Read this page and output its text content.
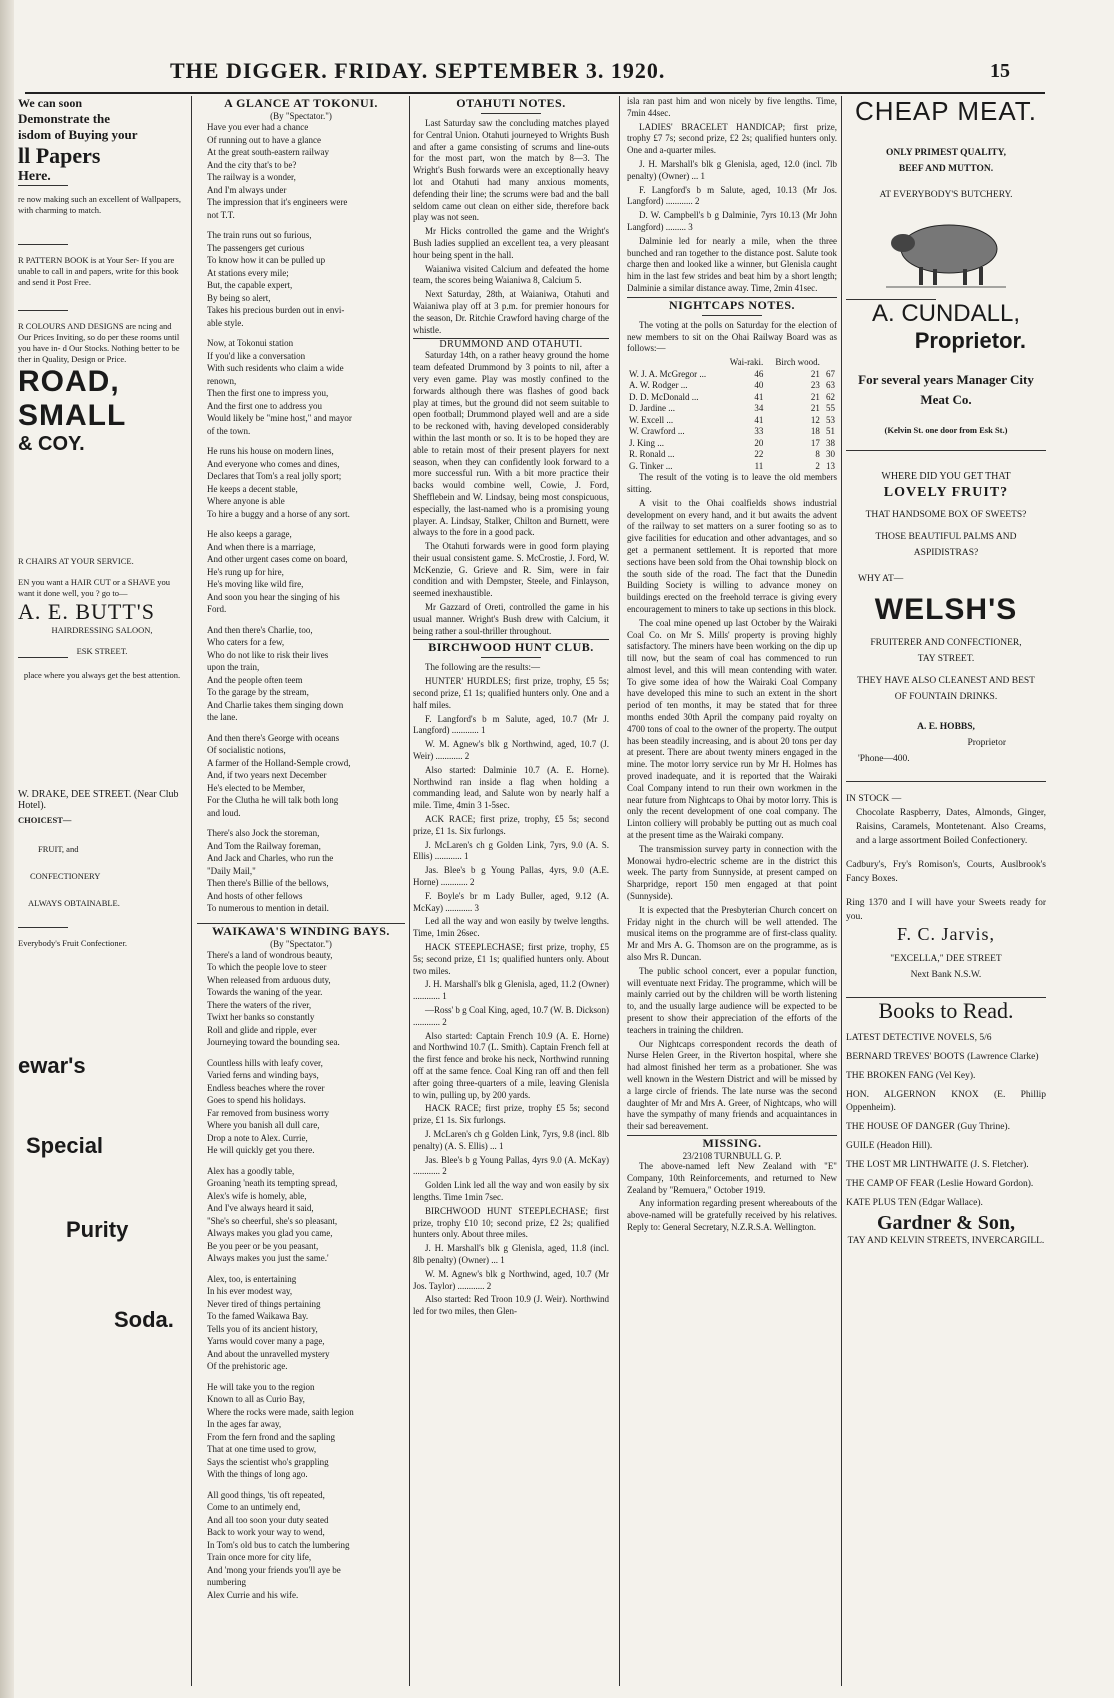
THE DIGGER. FRIDAY. SEPTEMBER 3. 1920.	15
We can soon
Demonstrate the
isdom of Buying your
ll Papers
Here.
re now making such an excellent of Wallpapers, with charming to match.
R PATTERN BOOK is at Your Ser- If you are unable to call in and papers, write for this book and send it Post Free.
R COLOURS AND DESIGNS are ncing and Our Prices Inviting, so do per these rooms until you have in- d Our Stocks. Nothing better to be ther in Quality, Design or Price.
ROAD, SMALL
& COY.
R CHAIRS AT YOUR SERVICE.
EN you want a HAIR CUT or a SHAVE you want it done well, you ? go to—
A. E. BUTT'S
HAIRDRESSING SALOON,
ESK STREET.
place where you always get the best attention.
W. DRAKE, DEE STREET. (Near Club Hotel).
CHOICEST—
FRUIT, and
CONFECTIONERY
ALWAYS OBTAINABLE.
Everybody's Fruit Confectioner.
ewar's
Special
Purity
Soda.
A GLANCE AT TOKONUI.
(By "Spectator.")
Have you ever had a chance
Of running out to have a glance
At the great south-eastern railway
And the city that's to be?
The railway is a wonder,
And I'm always under
The impression that it's engineers were
not T.T.
The train runs out so furious,
The passengers get curious
To know how it can be pulled up
At stations every mile;
But, the capable expert,
By being so alert,
Takes his precious burden out in envi-
able style.
Now, at Tokonui station
If you'd like a conversation
With such residents who claim a wide
renown,
Then the first one to impress you,
And the first one to address you
Would likely be "mine host," and mayor
of the town.
He runs his house on modern lines,
And everyone who comes and dines,
Declares that Tom's a real jolly sport;
He keeps a decent stable,
Where anyone is able
To hire a buggy and a horse of any sort.
He also keeps a garage,
And when there is a marriage,
And other urgent cases come on board,
He's rung up for hire,
He's moving like wild fire,
And soon you hear the singing of his
Ford.
And then there's Charlie, too,
Who caters for a few,
Who do not like to risk their lives
upon the train,
And the people often teem
To the garage by the stream,
And Charlie takes them singing down
the lane.
And then there's George with oceans
Of socialistic notions,
A farmer of the Holland-Semple crowd,
And, if two years next December
He's elected to be Member,
For the Clutha he will talk both long
and loud.
There's also Jock the storeman,
And Tom the Railway foreman,
And Jack and Charles, who run the
"Daily Mail,"
Then there's Billie of the bellows,
And hosts of other fellows
To numerous to mention in detail.
WAIKAWA'S WINDING BAYS.
(By "Spectator.")
There's a land of wondrous beauty,
To which the people love to steer
When released from arduous duty,
Towards the waning of the year.
There the waters of the river,
Twixt her banks so constantly
Roll and glide and ripple, ever
Journeying toward the bounding sea.
Countless hills with leafy cover,
Varied ferns and winding bays,
Endless beaches where the rover
Goes to spend his holidays.
Far removed from business worry
Where you banish all dull care,
Drop a note to Alex. Currie,
He will quickly get you there.
Alex has a goodly table,
Groaning 'neath its tempting spread,
Alex's wife is homely, able,
And I've always heard it said,
"She's so cheerful, she's so pleasant,
Always makes you glad you came,
Be you peer or be you peasant,
Always makes you just the same.'
Alex, too, is entertaining
In his ever modest way,
Never tired of things pertaining
To the famed Waikawa Bay.
Tells you of its ancient history,
Yarns would cover many a page,
And about the unravelled mystery
Of the prehistoric age.
He will take you to the region
Known to all as Curio Bay,
Where the rocks were made, saith legion
In the ages far away,
From the fern frond and the sapling
That at one time used to grow,
Says the scientist who's grappling
With the things of long ago.
All good things, 'tis oft repeated,
Come to an untimely end,
And all too soon your duty seated
Back to work your way to wend,
In Tom's old bus to catch the lumbering
Train once more for city life,
And 'mong your friends you'll aye be
numbering
Alex Currie and his wife.
OTAHUTI NOTES.

Last Saturday saw the concluding matches played for Central Union. Otahuti journeyed to Wrights Bush and after a game consisting of scrums and line-outs for the most part, won the match by 8—3. The Wright's Bush forwards were an exceptionally heavy lot and Otahuti had many anxious moments, defending their line; the scrums were bad and the ball seldom came out clean on either side, therefore back play was not seen.

Mr Hicks controlled the game and the Wright's Bush ladies supplied an excellent tea, a very pleasant hour being spent in the hall.

Waianiwa visited Calcium and defeated the home team, the scores being Waianiwa 8, Calcium 5.

Next Saturday, 28th, at Waianiwa, Otahuti and Waianiwa play off at 3 p.m. for premier honours for the season, Dr. Ritchie Crawford having charge of the whistle.

DRUMMOND AND OTAHUTI.

Saturday 14th, on a rather heavy ground the home team defeated Drummond by 3 points to nil, after a very even game. Play was mostly confined to the forwards although there was flashes of good back play at times, but the ground did not seem suitable to open football; Drummond played well and are a side to be reckoned with, having developed considerably within the last month or so. It is to be hoped they are able to retain most of their present players for next season, when they can confidently look forward to a more successful run. With a bit more practice their backs would combine well, Cowie, J. Ford, Shefflebein and W. Lindsay, being most conspicuous, especially, the last-named who is a promising young player. A. Lindsay, Stalker, Chilton and Burnett, were always to the fore in a good pack.

The Otahuti forwards were in good form playing their usual consistent game. S. McCrostie, J. Ford, W. McKenzie, G. Grieve and R. Sim, were in fair condition and with Dempster, Steele, and Finlayson, seemed inexhaustible.

Mr Gazzard of Oreti, controlled the game in his usual manner. Wright's Bush drew with Calcium, it being rather a soul-thriller throughout.

BIRCHWOOD HUNT CLUB.

The following are the results:—

HUNTER' HURDLES; first prize, trophy, £5 5s; second prize, £1 1s; qualified hunters only. One and a half miles.

F. Langford's b m Salute, aged, 10.7 (Mr J. Langford) ............ 1

W. M. Agnew's blk g Northwind, aged, 10.7 (J. Weir) ............ 2

Also started: Dalminie 10.7 (A. E. Horne). Northwind ran inside a flag when holding a commanding lead, and Salute won by nearly half a mile. Time, 4min 3 1-5sec.

ACK RACE; first prize, trophy, £5 5s; second prize, £1 1s. Six furlongs.

J. McLaren's ch g Golden Link, 7yrs, 9.0 (A. S. Ellis) ............ 1

Jas. Blee's b g Young Pallas, 4yrs, 9.0 (A.E. Horne) ............ 2

F. Boyle's br m Lady Buller, aged, 9.12 (A. McKay) ............ 3

Led all the way and won easily by twelve lengths. Time, 1min 26sec.

HACK STEEPLECHASE; first prize, trophy, £5 5s; second prize, £1 1s; qualified hunters only. About two miles.

J. H. Marshall's blk g Glenisla, aged, 11.2 (Owner) ............ 1

—Ross' b g Coal King, aged, 10.7 (W. B. Dickson) ............ 2

Also started: Captain French 10.9 (A. E. Horne) and Northwind 10.7 (L. Smith). Captain French fell at the first fence and broke his neck, Northwind running off at the same fence. Coal King ran off and then fell after going three-quarters of a mile, leaving Glenisla to win, pulling up, by 200 yards.

HACK RACE; first prize, trophy £5 5s; second prize, £1 1s. Six furlongs.

J. McLaren's ch g Golden Link, 7yrs, 9.8 (incl. 8lb penalty) (A. S. Ellis) ... 1

Jas. Blee's b g Young Pallas, 4yrs 9.0 (A. McKay) ............ 2

Golden Link led all the way and won easily by six lengths. Time 1min 7sec.

BIRCHWOOD HUNT STEEPLECHASE; first prize, trophy £10 10; second prize, £2 2s; qualified hunters only. About three miles.

J. H. Marshall's blk g Glenisla, aged, 11.8 (incl. 8lb penalty) (Owner) ... 1

W. M. Agnew's blk g Northwind, aged, 10.7 (Mr Jos. Taylor) ............ 2

Also started: Red Troon 10.9 (J. Weir). Northwind led for two miles, then Glen-

isla ran past him and won nicely by five lengths. Time, 7min 44sec.

LADIES' BRACELET HANDICAP; first prize, trophy £7 7s; second prize, £2 2s; qualified hunters only. One and a-quarter miles.

J. H. Marshall's blk g Glenisla, aged, 12.0 (incl. 7lb penalty) (Owner) ... 1

F. Langford's b m Salute, aged, 10.13 (Mr Jos. Langford) ............ 2

D. W. Campbell's b g Dalminie, 7yrs 10.13 (Mr John Langford) ......... 3

Dalminie led for nearly a mile, when the three bunched and ran together to the distance post. Salute took charge then and looked like a winner, but Glenisla caught him in the last few strides and beat him by a short length; Dalminie a similar distance away. Time, 2min 41sec.

NIGHTCAPS NOTES.

The voting at the polls on Saturday for the election of new members to sit on the Ohai Railway Board was as follows:—

	Wai-raki.	Birch wood.	
W. J. A. McGregor ...	46	21	67
A. W. Rodger ...	40	23	63
D. D. McDonald ...	41	21	62
D. Jardine ...	34	21	55
W. Excell ...	41	12	53
W. Crawford ...	33	18	51
J. King ...	20	17	38
R. Ronald ...	22	8	30
G. Tinker ...	11	2	13

The result of the voting is to leave the old members sitting.

A visit to the Ohai coalfields shows industrial development on every hand, and it but awaits the advent of the railway to set matters on a surer footing so as to give facilities for education and other advantages, and so get a permanent settlement. It is reported that more sections have been sold from the Ohai township block on the south side of the road. The fact that the Dunedin Building Society is willing to advance money on buildings erected on the freehold terrace is giving every encouragement to miners to take up sections in this block.

The coal mine opened up last October by the Wairaki Coal Co. on Mr S. Mills' property is proving highly satisfactory. The miners have been working on the dip up till now, but the seam of coal has commenced to run almost level, and this will mean contending with water. To give some idea of how the Wairaki Coal Company have developed this mine to such an extent in the short period of ten months, it may be stated that for three months ended 30th April the company paid royalty on 4700 tons of coal to the owner of the property. The output has been steadily increasing, and is about 20 tons per day at present. There are about twenty miners engaged in the mine. The motor lorry service run by Mr H. Holmes has proved inadequate, and it is reported that the Wairaki Coal Company intend to run their own workmen in the near future from Nightcaps to Ohai by motor lorry. This is only the recent development of one coal company. The Linton colliery will probably be putting out as much coal at the present time as the Wairaki company.

The transmission survey party in connection with the Monowai hydro-electric scheme are in the district this week. The party from Sunnyside, at present camped on Sharpridge, report 150 men engaged at that point (Sunnyside).

It is expected that the Presbyterian Church concert on Friday night in the church will be well attended. The musical items on the programme are of first-class quality. Mr and Mrs A. G. Thomson are on the programme, as is also Mrs R. Duncan.

The public school concert, ever a popular function, will eventuate next Friday. The programme, which will be mainly carried out by the children will be worth listening to, and the usually large audience will be expected to be present to show their appreciation of the efforts of the teachers in training the children.

Our Nightcaps correspondent records the death of Nurse Helen Greer, in the Riverton hospital, where she had almost finished her term as a probationer. She was well known in the Western District and will be missed by a large circle of friends. The late nurse was the second daughter of Mr and Mrs A. Greer, of Nightcaps, who will have the sympathy of many friends and acquaintances in their sad bereavement.

MISSING.
23/2108 TURNBULL G. P.

The above-named left New Zealand with "E" Company, 10th Reinforcements, and returned to New Zealand by "Remuera," October 1919.

Any information regarding present whereabouts of the above-named will be gratefully received by his relatives. Reply to: General Secretary, N.Z.R.S.A. Wellington.

CHEAP MEAT.
ONLY PRIMEST QUALITY, BEEF AND MUTTON.
AT EVERYBODY'S BUTCHERY.
A. CUNDALL,
Proprietor.
For several years Manager City Meat Co.
(Kelvin St. one door from Esk St.)
WHERE DID YOU GET THAT
LOVELY FRUIT?
THAT HANDSOME BOX OF SWEETS?
THOSE BEAUTIFUL PALMS AND ASPIDISTRAS?
WHY AT—
WELSH'S
FRUITERER AND CONFECTIONER,
TAY STREET.
THEY HAVE ALSO CLEANEST AND BEST OF FOUNTAIN DRINKS.
A. E. HOBBS,
Proprietor
'Phone—400.
IN STOCK —
Chocolate Raspberry, Dates, Almonds, Ginger, Raisins, Caramels, Montetenant. Also Creams, and a large assortment Boiled Confectionery.
Cadbury's, Fry's Romison's, Courts, Auslbrook's Fancy Boxes.
Ring 1370 and I will have your Sweets ready for you.
F. C. Jarvis,
"EXCELLA," DEE STREET
Next Bank N.S.W.
Books to Read.
LATEST DETECTIVE NOVELS, 5/6

BERNARD TREVES' BOOTS (Lawrence Clarke)

THE BROKEN FANG (Vel Key).

HON. ALGERNON KNOX (E. Phillip Oppenheim).

THE HOUSE OF DANGER (Guy Thrine).

GUILE (Headon Hill).

THE LOST MR LINTHWAITE (J. S. Fletcher).

THE CAMP OF FEAR (Leslie Howard Gordon).

KATE PLUS TEN (Edgar Wallace).

Gardner & Son,
TAY AND KELVIN STREETS, INVERCARGILL.
